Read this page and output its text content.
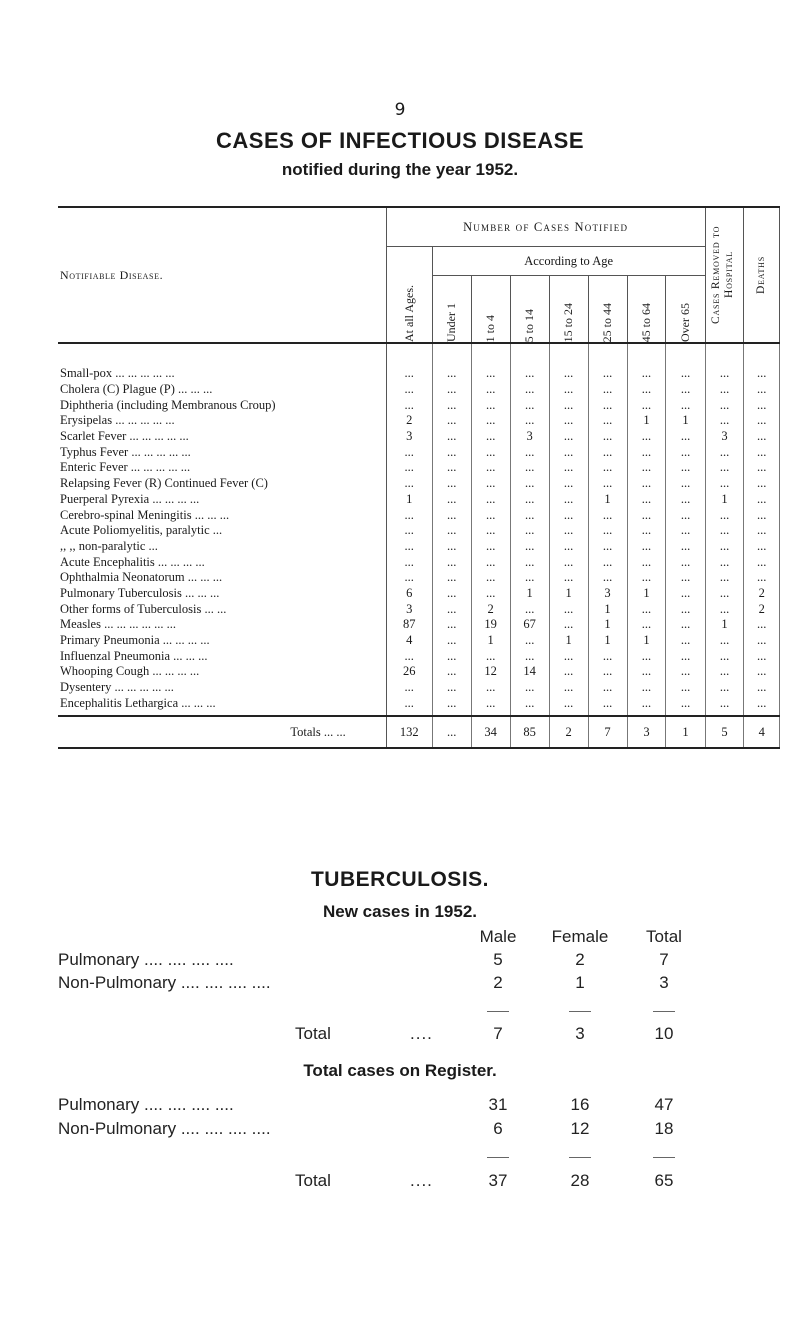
9
CASES OF INFECTIOUS DISEASE
notified during the year 1952.
Notifiable Disease.	Number of Cases Notified								Cases Removed to Hospital	Deaths

	At all Ages.	According to Age								

		Under 1	1 to 4	5 to 14	15 to 24	25 to 44	45 to 64	Over 65		

Small-pox ... ... ... ... ...	...	...	...	...	...	...	...	...	...	...
Cholera (C) Plague (P) ... ... ...	...	...	...	...	...	...	...	...	...	...
Diphtheria (including Membranous Croup)	...	...	...	...	...	...	...	...	...	...
Erysipelas ... ... ... ... ...	2	...	...	...	...	...	1	1	...	...
Scarlet Fever ... ... ... ... ...	3	...	...	3	...	...	...	...	3	...
Typhus Fever ... ... ... ... ...	...	...	...	...	...	...	...	...	...	...
Enteric Fever ... ... ... ... ...	...	...	...	...	...	...	...	...	...	...
Relapsing Fever (R) Continued Fever (C)	...	...	...	...	...	...	...	...	...	...
Puerperal Pyrexia ... ... ... ...	1	...	...	...	...	1	...	...	1	...
Cerebro-spinal Meningitis ... ... ...	...	...	...	...	...	...	...	...	...	...
Acute Poliomyelitis, paralytic ...	...	...	...	...	...	...	...	...	...	...
,, ,, non-paralytic ...	...	...	...	...	...	...	...	...	...	...
Acute Encephalitis ... ... ... ...	...	...	...	...	...	...	...	...	...	...
Ophthalmia Neonatorum ... ... ...	...	...	...	...	...	...	...	...	...	...
Pulmonary Tuberculosis ... ... ...	6	...	...	1	1	3	1	...	...	2
Other forms of Tuberculosis ... ...	3	...	2	...	...	1	...	...	...	2
Measles ... ... ... ... ... ...	87	...	19	67	...	1	...	...	1	...
Primary Pneumonia ... ... ... ...	4	...	1	...	1	1	1	...	...	...
Influenzal Pneumonia ... ... ...	...	...	...	...	...	...	...	...	...	...
Whooping Cough ... ... ... ...	26	...	12	14	...	...	...	...	...	...
Dysentery ... ... ... ... ...	...	...	...	...	...	...	...	...	...	...
Encephalitis Lethargica ... ... ...	...	...	...	...	...	...	...	...	...	...
Totals ... ...	132	...	34	85	2	7	3	1	5	4
TUBERCULOSIS.
New cases in 1952.
Male	Female	Total
Pulmonary .... .... .... ....	5	2	7
Non-Pulmonary .... .... .... ....	2	1	3
Total	....	7	3	10
Total cases on Register.
Pulmonary .... .... .... ....	31	16	47
Non-Pulmonary .... .... .... ....	6	12	18
Total	....	37	28	65
